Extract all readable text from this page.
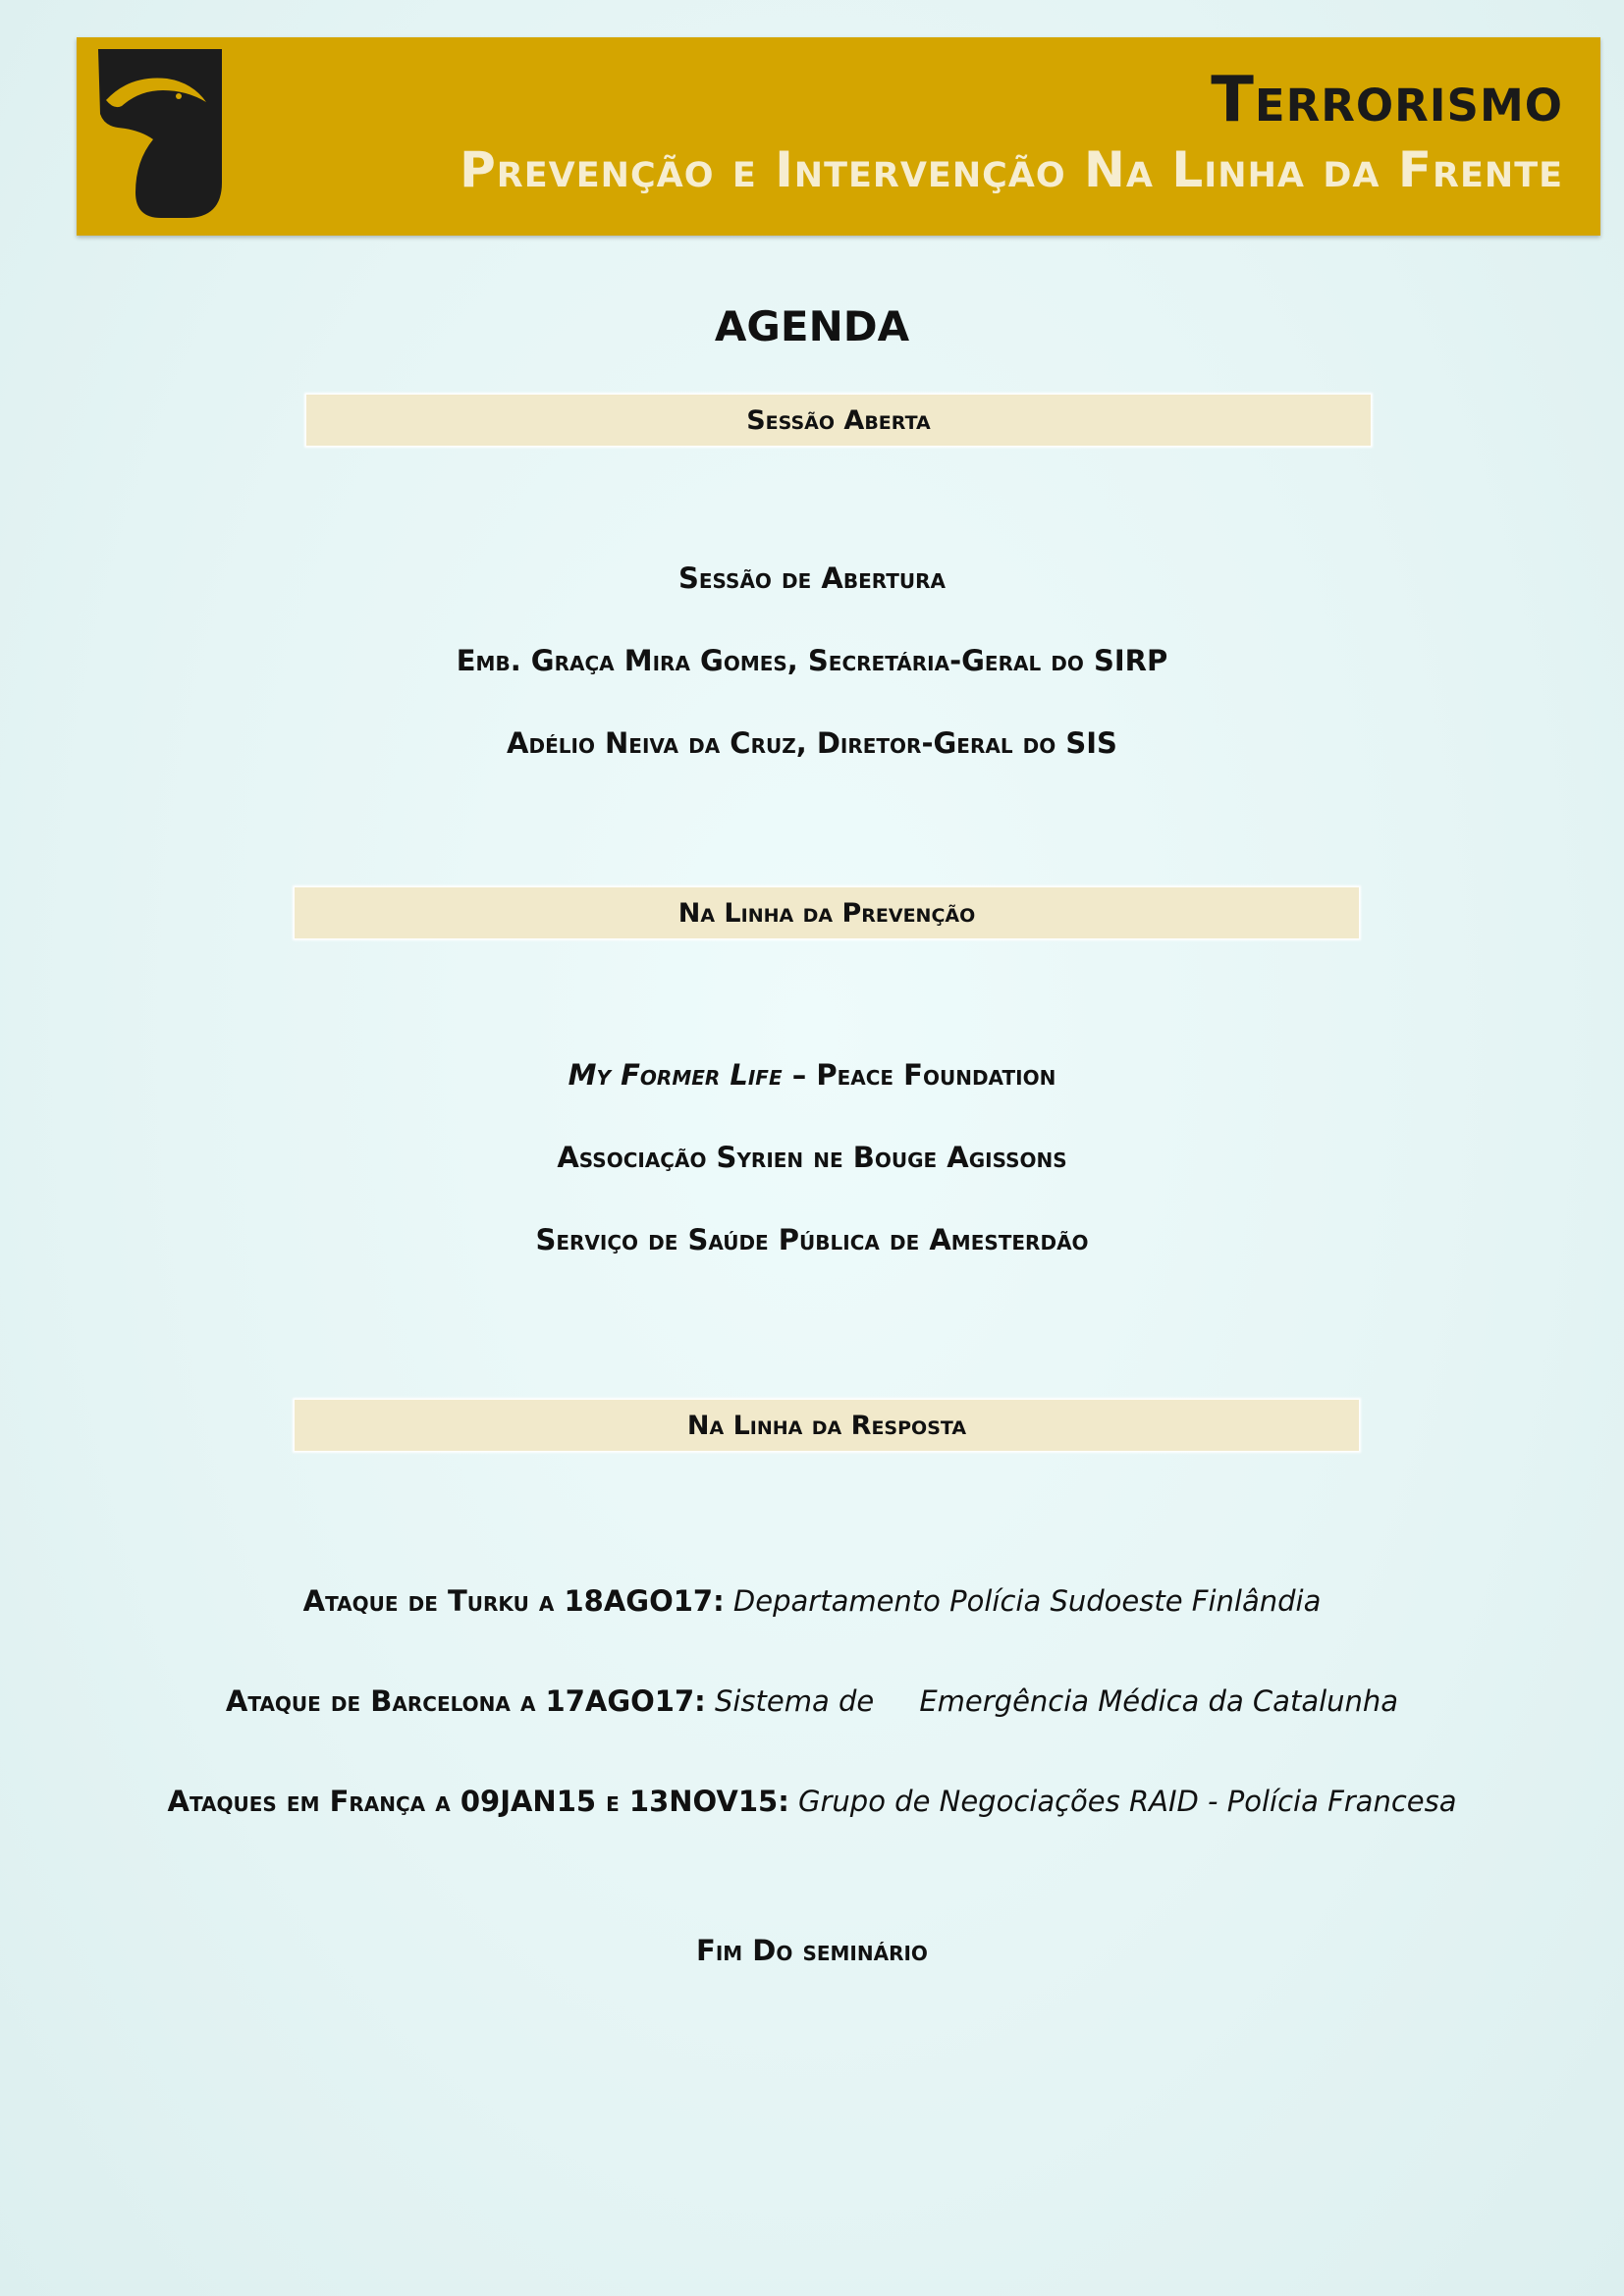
Terrorismo
Prevenção e Intervenção Na Linha da Frente

AGENDA

Sessão Aberta

Sessão de Abertura

Emb. Graça Mira Gomes, Secretária-Geral do SIRP

Adélio Neiva da Cruz, Diretor-Geral do SIS

Na Linha da Prevenção

My Former Life – Peace Foundation

Associação Syrien ne Bouge Agissons

Serviço de Saúde Pública de Amesterdão

Na Linha da Resposta

Ataque de Turku a 18AGO17: Departamento Polícia Sudoeste Finlândia

Ataque de Barcelona a 17AGO17: Sistema de     Emergência Médica da Catalunha

Ataques em França a 09JAN15 e 13NOV15: Grupo de Negociações RAID - Polícia Francesa

Fim Do seminário
